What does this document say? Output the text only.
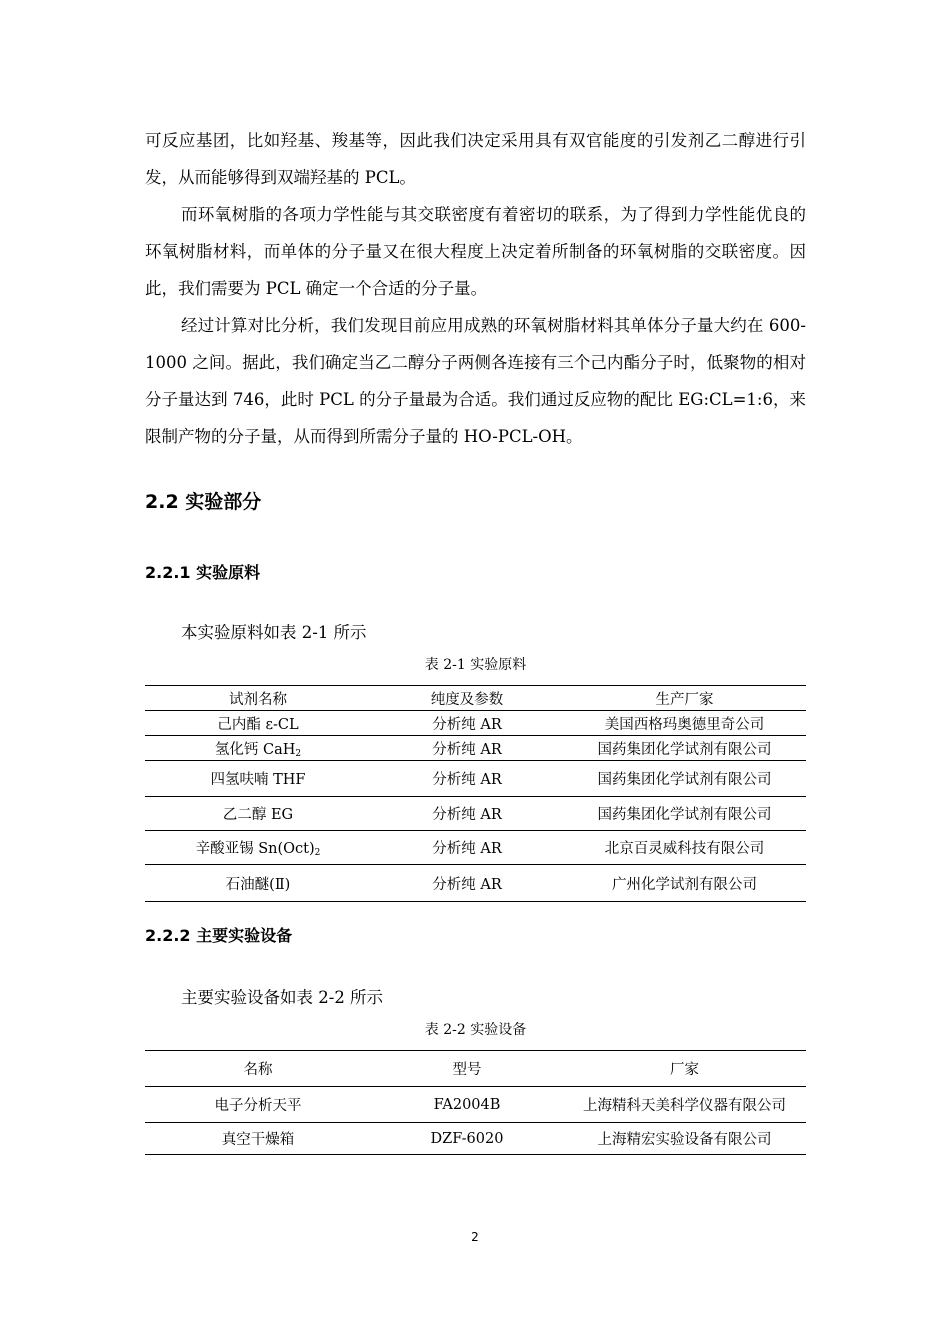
可反应基团，比如羟基、羧基等，因此我们决定采用具有双官能度的引发剂乙二醇进行引发，从而能够得到双端羟基的 PCL。

而环氧树脂的各项力学性能与其交联密度有着密切的联系，为了得到力学性能优良的环氧树脂材料，而单体的分子量又在很大程度上决定着所制备的环氧树脂的交联密度。因此，我们需要为 PCL 确定一个合适的分子量。

经过计算对比分析，我们发现目前应用成熟的环氧树脂材料其单体分子量大约在 600-1000 之间。据此，我们确定当乙二醇分子两侧各连接有三个己内酯分子时，低聚物的相对分子量达到 746，此时 PCL 的分子量最为合适。我们通过反应物的配比 EG:CL=1:6，来限制产物的分子量，从而得到所需分子量的 HO-PCL-OH。

2.2 实验部分
2.2.1 实验原料
本实验原料如表 2-1 所示
表 2-1 实验原料
试剂名称	纯度及参数	生产厂家
己内酯 ε-CL	分析纯 AR	美国西格玛奥德里奇公司
氢化钙 CaH$_2$	分析纯 AR	国药集团化学试剂有限公司
四氢呋喃 THF	分析纯 AR	国药集团化学试剂有限公司
乙二醇 EG	分析纯 AR	国药集团化学试剂有限公司
辛酸亚锡 $Sn(Oct)_2$	分析纯 AR	北京百灵威科技有限公司
石油醚(Ⅱ)	分析纯 AR	广州化学试剂有限公司
2.2.2 主要实验设备
主要实验设备如表 2-2 所示
表 2-2 实验设备
名称	型号	厂家
电子分析天平	FA2004B	上海精科天美科学仪器有限公司
真空干燥箱	DZF-6020	上海精宏实验设备有限公司
2
